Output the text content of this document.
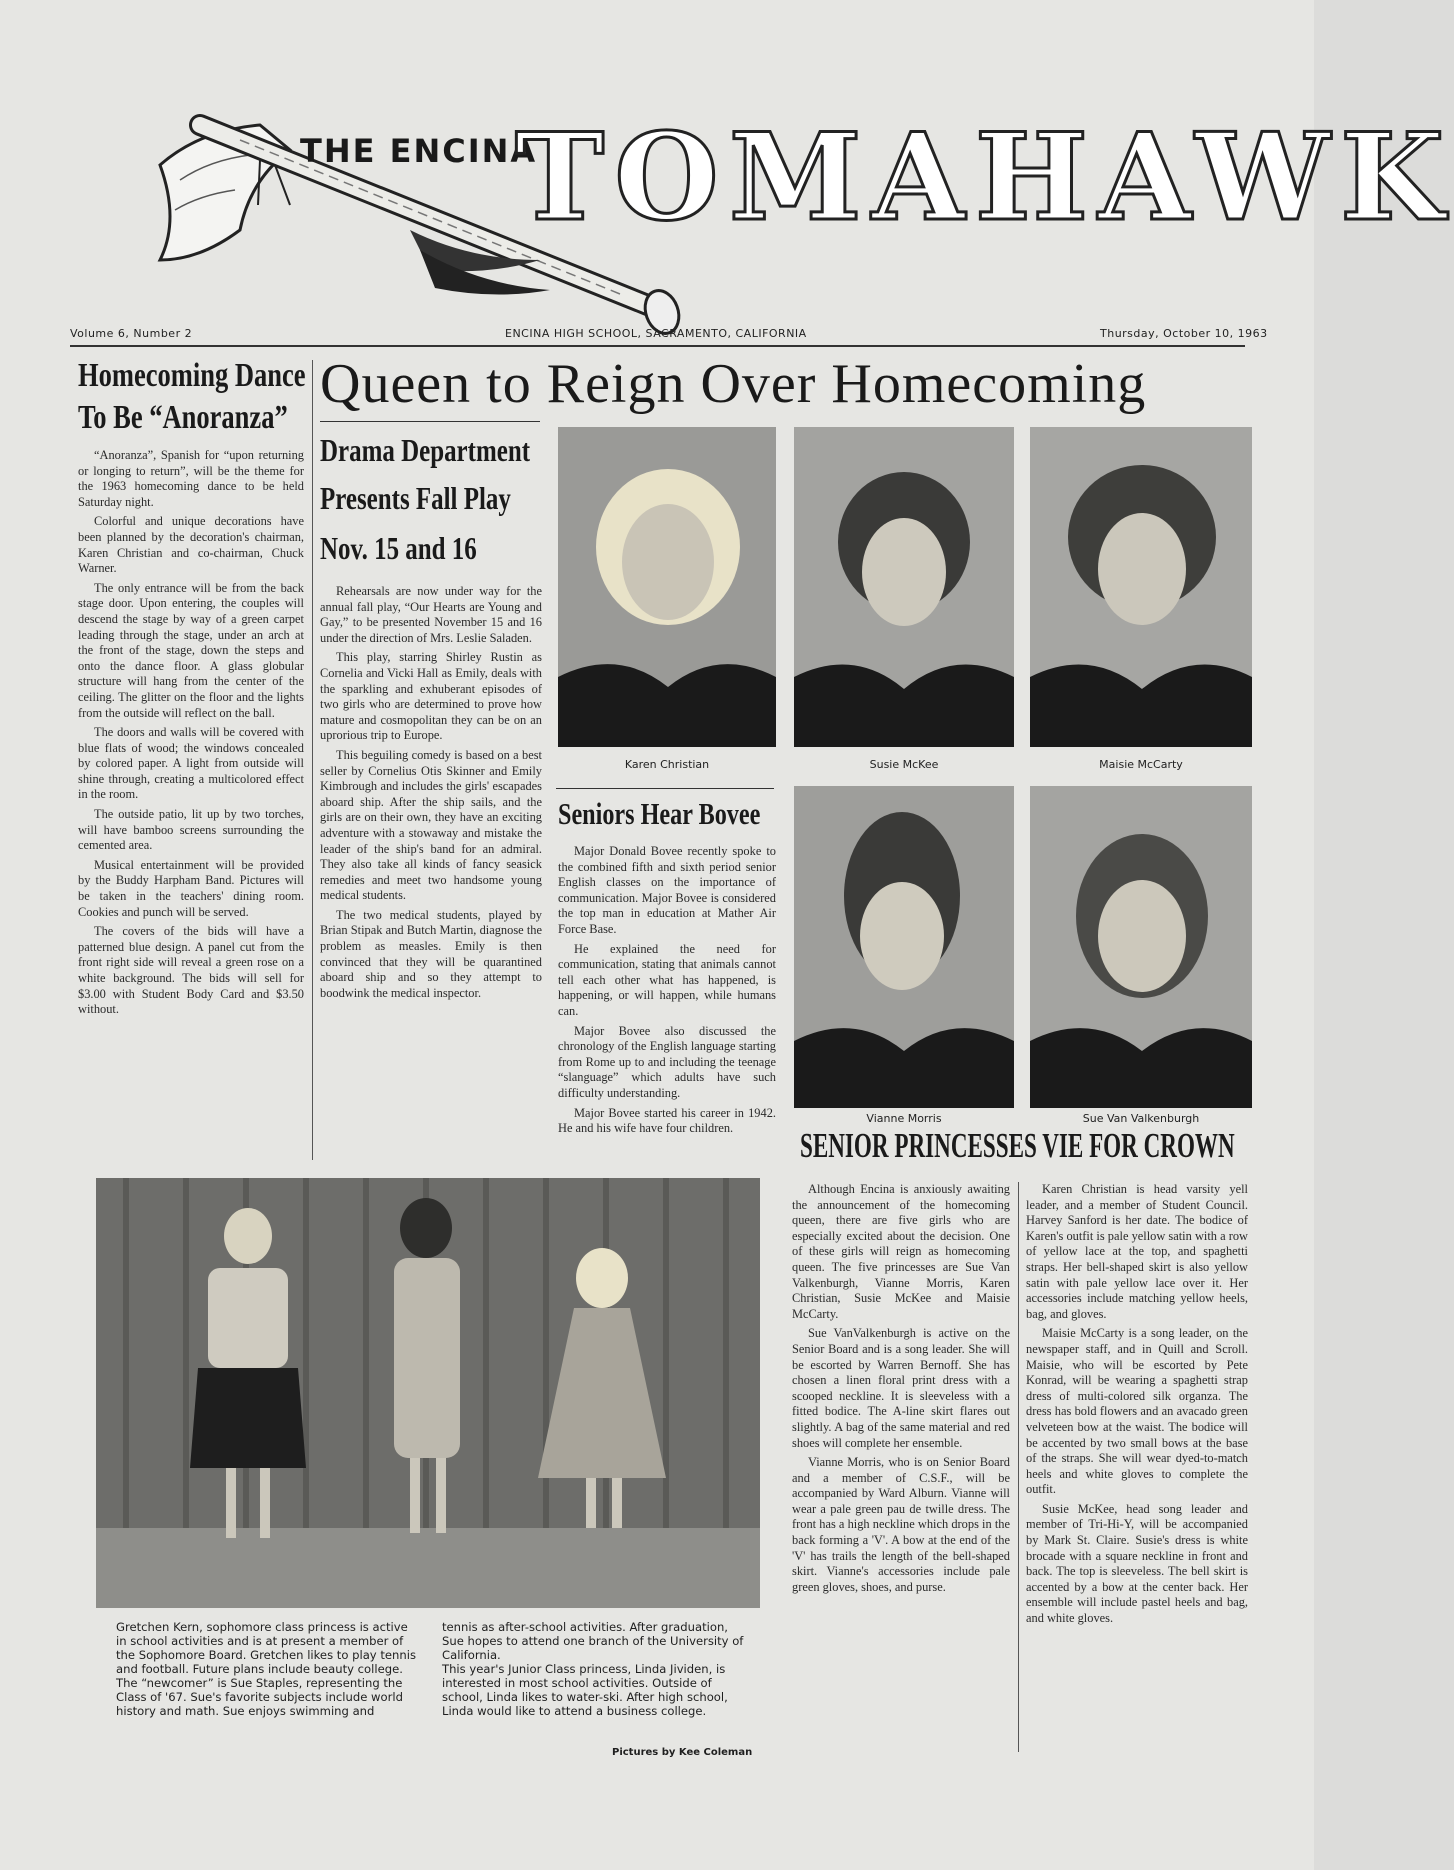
THE ENCINA
TOMAHAWK
Volume 6, Number 2	ENCINA HIGH SCHOOL, SACRAMENTO, CALIFORNIA	Thursday, October 10, 1963
Homecoming Dance
To Be “Anoranza”

“Anoranza”, Spanish for “upon returning or longing to return”, will be the theme for the 1963 homecoming dance to be held Saturday night.

Colorful and unique decorations have been planned by the decoration's chairman, Karen Christian and co-chairman, Chuck Warner.

The only entrance will be from the back stage door. Upon entering, the couples will descend the stage by way of a green carpet leading through the stage, under an arch at the front of the stage, down the steps and onto the dance floor. A glass globular structure will hang from the center of the ceiling. The glitter on the floor and the lights from the outside will reflect on the ball.

The doors and walls will be covered with blue flats of wood; the windows concealed by colored paper. A light from outside will shine through, creating a multicolored effect in the room.

The outside patio, lit up by two torches, will have bamboo screens surrounding the cemented area.

Musical entertainment will be provided by the Buddy Harpham Band. Pictures will be taken in the teachers' dining room. Cookies and punch will be served.

The covers of the bids will have a patterned blue design. A panel cut from the front right side will reveal a green rose on a white background. The bids will sell for $3.00 with Student Body Card and $3.50 without.

Queen to Reign Over Homecoming
Drama Department
Presents Fall Play
Nov. 15 and 16

Rehearsals are now under way for the annual fall play, “Our Hearts are Young and Gay,” to be presented November 15 and 16 under the direction of Mrs. Leslie Saladen.

This play, starring Shirley Rustin as Cornelia and Vicki Hall as Emily, deals with the sparkling and exhuberant episodes of two girls who are determined to prove how mature and cosmopolitan they can be on an uprorious trip to Europe.

This beguiling comedy is based on a best seller by Cornelius Otis Skinner and Emily Kimbrough and includes the girls' escapades aboard ship. After the ship sails, and the girls are on their own, they have an exciting adventure with a stowaway and mistake the leader of the ship's band for an admiral. They also take all kinds of fancy seasick remedies and meet two handsome young medical students.

The two medical students, played by Brian Stipak and Butch Martin, diagnose the problem as measles. Emily is then convinced that they will be quarantined aboard ship and so they attempt to boodwink the medical inspector.

Karen Christian	Susie McKee	Maisie McCarty
Seniors Hear Bovee

Major Donald Bovee recently spoke to the combined fifth and sixth period senior English classes on the importance of communication. Major Bovee is considered the top man in education at Mather Air Force Base.

He explained the need for communication, stating that animals cannot tell each other what has happened, is happening, or will happen, while humans can.

Major Bovee also discussed the chronology of the English language starting from Rome up to and including the teenage “slanguage” which adults have such difficulty understanding.

Major Bovee started his career in 1942. He and his wife have four children.

Vianne Morris	Sue Van Valkenburgh
SENIOR PRINCESSES VIE FOR CROWN

Although Encina is anxiously awaiting the announcement of the homecoming queen, there are five girls who are especially excited about the decision. One of these girls will reign as homecoming queen. The five princesses are Sue Van Valkenburgh, Vianne Morris, Karen Christian, Susie McKee and Maisie McCarty.

Sue VanValkenburgh is active on the Senior Board and is a song leader. She will be escorted by Warren Bernoff. She has chosen a linen floral print dress with a scooped neckline. It is sleeveless with a fitted bodice. The A-line skirt flares out slightly. A bag of the same material and red shoes will complete her ensemble.

Vianne Morris, who is on Senior Board and a member of C.S.F., will be accompanied by Ward Alburn. Vianne will wear a pale green pau de twille dress. The front has a high neckline which drops in the back forming a 'V'. A bow at the end of the 'V' has trails the length of the bell-shaped skirt. Vianne's accessories include pale green gloves, shoes, and purse.

Karen Christian is head varsity yell leader, and a member of Student Council. Harvey Sanford is her date. The bodice of Karen's outfit is pale yellow satin with a row of yellow lace at the top, and spaghetti straps. Her bell-shaped skirt is also yellow satin with pale yellow lace over it. Her accessories include matching yellow heels, bag, and gloves.

Maisie McCarty is a song leader, on the newspaper staff, and in Quill and Scroll. Maisie, who will be escorted by Pete Konrad, will be wearing a spaghetti strap dress of multi-colored silk organza. The dress has bold flowers and an avacado green velveteen bow at the waist. The bodice will be accented by two small bows at the base of the straps. She will wear dyed-to-match heels and white gloves to complete the outfit.

Susie McKee, head song leader and member of Tri-Hi-Y, will be accompanied by Mark St. Claire. Susie's dress is white brocade with a square neckline in front and back. The top is sleeveless. The bell skirt is accented by a bow at the center back. Her ensemble will include pastel heels and bag, and white gloves.

Gretchen Kern, sophomore class princess is active in school activities and is at present a member of the Sophomore Board. Gretchen likes to play tennis and football. Future plans include beauty college.
The “newcomer” is Sue Staples, representing the Class of '67. Sue's favorite subjects include world history and math. Sue enjoys swimming and
tennis as after-school activities. After graduation, Sue hopes to attend one branch of the University of California.
This year's Junior Class princess, Linda Jividen, is interested in most school activities. Outside of school, Linda likes to water-ski. After high school, Linda would like to attend a business college.
Pictures by Kee Coleman
